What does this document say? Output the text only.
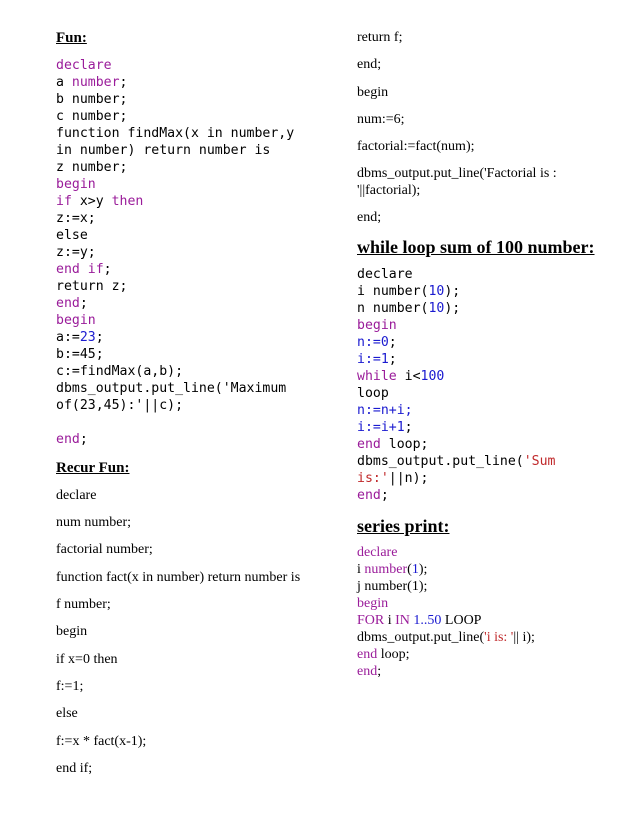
Fun:
declare
a number;
b number;
c number;
function findMax(x in number,y
in number) return number is
z number;
begin
if x>y then
z:=x;
else
z:=y;
end if;
return z;
end;
begin
a:=23;
b:=45;
c:=findMax(a,b);
dbms_output.put_line('Maximum
of(23,45):'||c);
end;
Recur Fun:
declare
num number;
factorial number;
function fact(x in number) return number is
f number;
begin
if x=0 then
f:=1;
else
f:=x * fact(x-1);
end if;
return f;
end;
begin
num:=6;
factorial:=fact(num);
dbms_output.put_line('Factorial is :
'||factorial);
end;
while loop sum of 100 number:
declare
i number(10);
n number(10);
begin
n:=0;
i:=1;
while i<100
loop
n:=n+i;
i:=i+1;
end loop;
dbms_output.put_line('Sum
is:'||n);
end;
series print:
declare
i number(1);
j number(1);
begin
FOR i IN 1..50 LOOP
dbms_output.put_line('i is: '|| i);
end loop;
end;
